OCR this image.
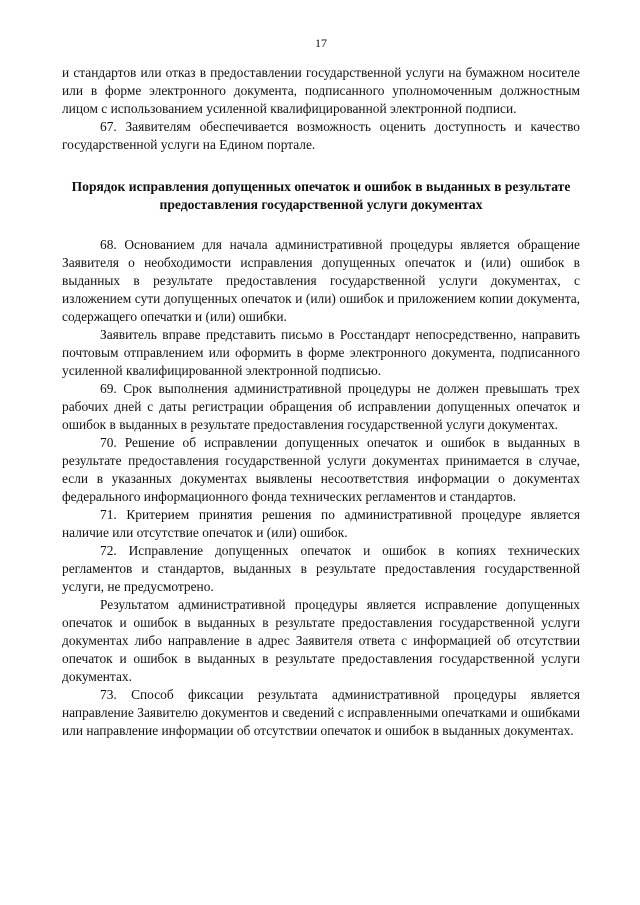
17

и стандартов или отказ в предоставлении государственной услуги на бумажном носителе или в форме электронного документа, подписанного уполномоченным должностным лицом с использованием усиленной квалифицированной электронной подписи.

67. Заявителям обеспечивается возможность оценить доступность и качество государственной услуги на Едином портале.

Порядок исправления допущенных опечаток и ошибок в выданных в результате предоставления государственной услуги документах

68. Основанием для начала административной процедуры является обращение Заявителя о необходимости исправления допущенных опечаток и (или) ошибок в выданных в результате предоставления государственной услуги документах, с изложением сути допущенных опечаток и (или) ошибок и приложением копии документа, содержащего опечатки и (или) ошибки.

Заявитель вправе представить письмо в Росстандарт непосредственно, направить почтовым отправлением или оформить в форме электронного документа, подписанного усиленной квалифицированной электронной подписью.

69. Срок выполнения административной процедуры не должен превышать трех рабочих дней с даты регистрации обращения об исправлении допущенных опечаток и ошибок в выданных в результате предоставления государственной услуги документах.

70. Решение об исправлении допущенных опечаток и ошибок в выданных в результате предоставления государственной услуги документах принимается в случае, если в указанных документах выявлены несоответствия информации о документах федерального информационного фонда технических регламентов и стандартов.

71. Критерием принятия решения по административной процедуре является наличие или отсутствие опечаток и (или) ошибок.

72. Исправление допущенных опечаток и ошибок в копиях технических регламентов и стандартов, выданных в результате предоставления государственной услуги, не предусмотрено.

Результатом административной процедуры является исправление допущенных опечаток и ошибок в выданных в результате предоставления государственной услуги документах либо направление в адрес Заявителя ответа с информацией об отсутствии опечаток и ошибок в выданных в результате предоставления государственной услуги документах.

73. Способ фиксации результата административной процедуры является направление Заявителю документов и сведений с исправленными опечатками и ошибками или направление информации об отсутствии опечаток и ошибок в выданных документах.
